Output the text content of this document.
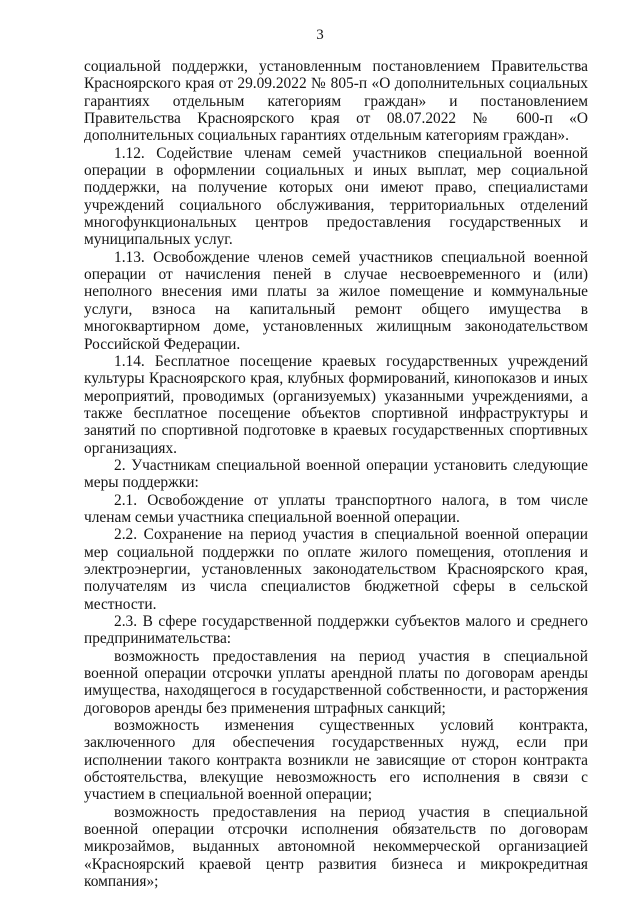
3

социальной поддержки, установленным постановлением Правительства Красноярского края от 29.09.2022 № 805-п «О дополнительных социальных гарантиях отдельным категориям граждан» и постановлением Правительства Красноярского края от 08.07.2022 № 600-п «О дополнительных социальных гарантиях отдельным категориям граждан».

1.12. Содействие членам семей участников специальной военной операции в оформлении социальных и иных выплат, мер социальной поддержки, на получение которых они имеют право, специалистами учреждений социального обслуживания, территориальных отделений многофункциональных центров предоставления государственных и муниципальных услуг.

1.13. Освобождение членов семей участников специальной военной операции от начисления пеней в случае несвоевременного и (или) неполного внесения ими платы за жилое помещение и коммунальные услуги, взноса на капитальный ремонт общего имущества в многоквартирном доме, установленных жилищным законодательством Российской Федерации.

1.14. Бесплатное посещение краевых государственных учреждений культуры Красноярского края, клубных формирований, кинопоказов и иных мероприятий, проводимых (организуемых) указанными учреждениями, а также бесплатное посещение объектов спортивной инфраструктуры и занятий по спортивной подготовке в краевых государственных спортивных организациях.

2. Участникам специальной военной операции установить следующие меры поддержки:

2.1. Освобождение от уплаты транспортного налога, в том числе членам семьи участника специальной военной операции.

2.2. Сохранение на период участия в специальной военной операции мер социальной поддержки по оплате жилого помещения, отопления и электроэнергии, установленных законодательством Красноярского края, получателям из числа специалистов бюджетной сферы в сельской местности.

2.3. В сфере государственной поддержки субъектов малого и среднего предпринимательства:

возможность предоставления на период участия в специальной военной операции отсрочки уплаты арендной платы по договорам аренды имущества, находящегося в государственной собственности, и расторжения договоров аренды без применения штрафных санкций;

возможность изменения существенных условий контракта, заключенного для обеспечения государственных нужд, если при исполнении такого контракта возникли не зависящие от сторон контракта обстоятельства, влекущие невозможность его исполнения в связи с участием в специальной военной операции;

возможность предоставления на период участия в специальной военной операции отсрочки исполнения обязательств по договорам микрозаймов, выданных автономной некоммерческой организацией «Красноярский краевой центр развития бизнеса и микрокредитная компания»;
